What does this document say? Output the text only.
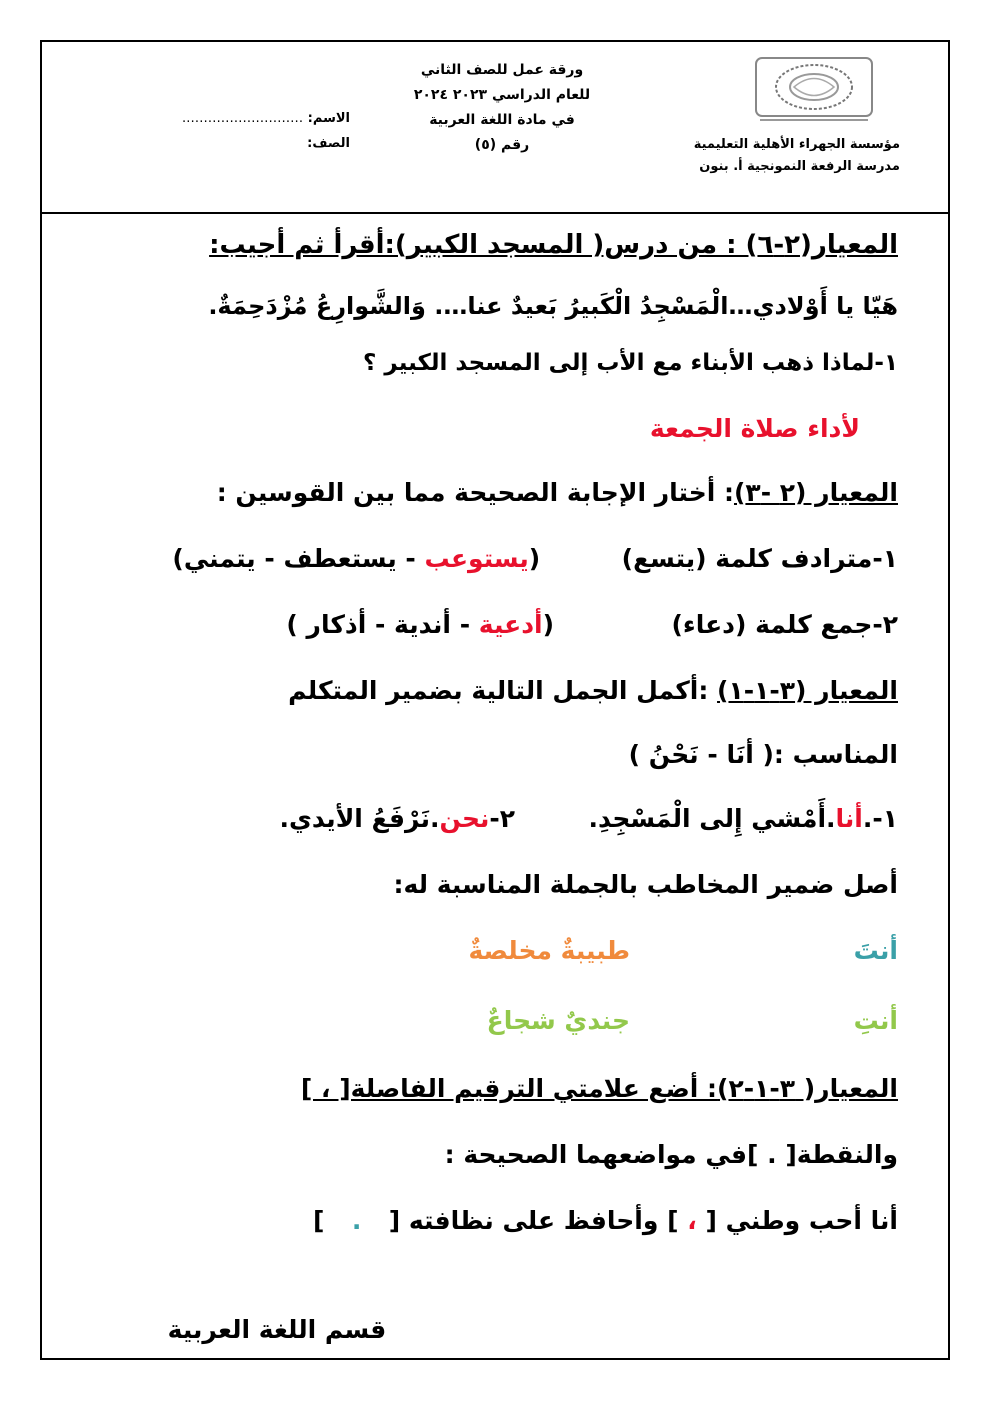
مؤسسة الجهراء الأهلية التعليمية
مدرسة الرفعة النمونجية أ. بنون
ورقة عمل للصف الثاني
للعام الدراسي ٢٠٢٣ ٢٠٢٤
في مادة اللغة العربية
رقم (٥)
الاسم: ……………………….
الصف:
المعيار(٢-٦) : من درس( المسجد الكبير):أقرأ ثم أجيب:
هَيّا يا أَوْلادي…الْمَسْجِدُ الْكَبيرُ بَعيدٌ عنا…. وَالشَّوارِعُ مُزْدَحِمَةٌ.
١-لماذا ذهب الأبناء مع الأب إلى المسجد الكبير ؟
لأداء صلاة الجمعة
المعيار (٢ -٣): أختار الإجابة الصحيحة مما بين القوسين :
١-مترادف كلمة (يتسع)  (يستوعب - يستعطف - يتمني)
٢-جمع كلمة (دعاء)  (أدعية - أندية - أذكار )
المعيار (٣-١-١) :أكمل الجمل التالية بضمير المتكلم
المناسب :( أنَا - نَحْنُ )
١-.أنا.أَمْشي إِلى الْمَسْجِدِ.  ٢-نحن.نَرْفَعُ الأيدي.
أصل ضمير المخاطب بالجملة المناسبة له:
أنتَ
طبيبةٌ مخلصةٌ
أنتِ
جنديٌ شجاعٌ
المعيار( ٣-١-٢): أضع علامتي الترقيم الفاصلة[ ، ]
والنقطة[ . ]في مواضعهما الصحيحة :
أنا أحب وطني [ ، ] وأحافظ على نظافته [  .  ]
قسم اللغة العربية
